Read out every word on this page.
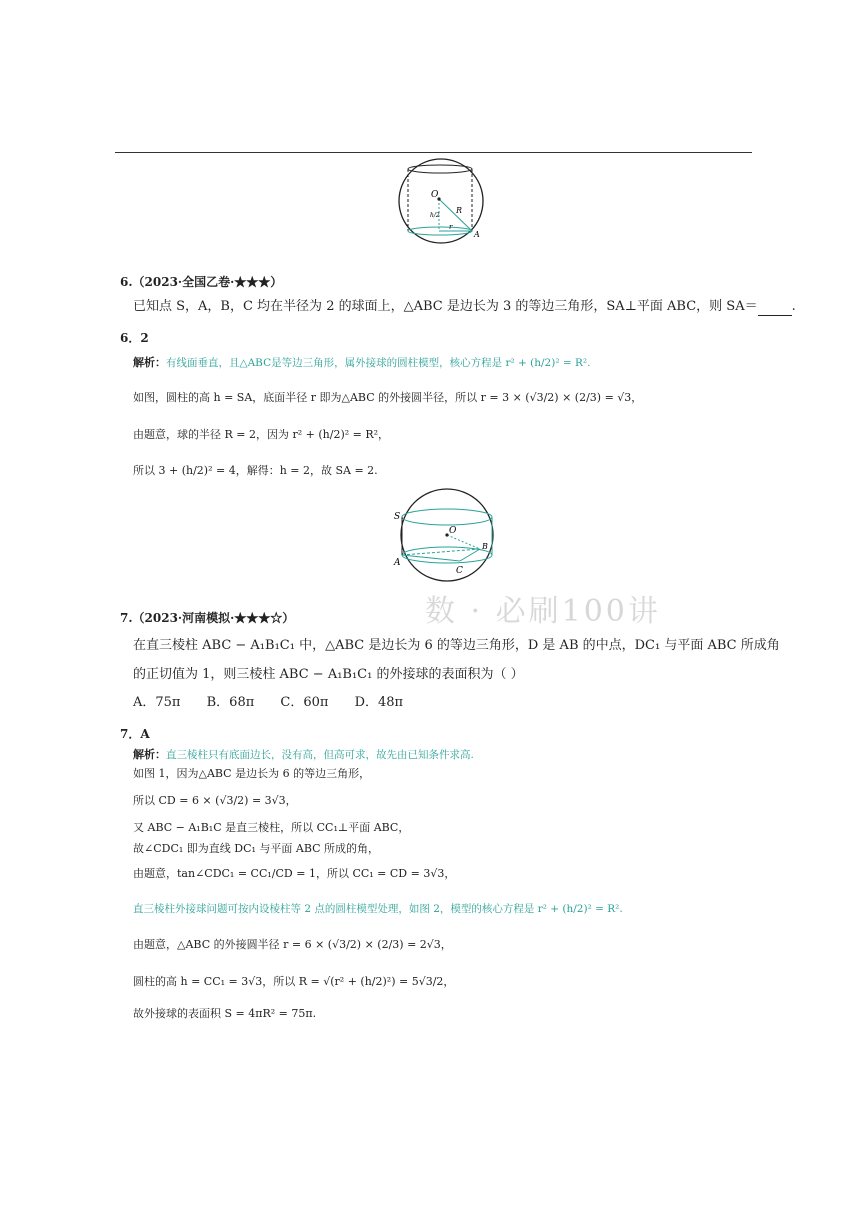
O
R
h/2
r
A
6.（2023·全国乙卷·★★★）
已知点 S，A，B，C 均在半径为 2 的球面上，△ABC 是边长为 3 的等边三角形，SA⊥平面 ABC，则 SA＝	.
6．2
解析：有线面垂直，且△ABC是等边三角形，属外接球的圆柱模型，核心方程是 r² + (h/2)² = R².
如图，圆柱的高 h = SA，底面半径 r 即为△ABC 的外接圆半径，所以 r = 3 × (√3/2) × (2/3) = √3，
由题意，球的半径 R = 2，因为 r² + (h/2)² = R²，
所以 3 + (h/2)² = 4，解得：h = 2，故 SA = 2.
S
O
B
A
C
数 · 必刷100讲
7.（2023·河南模拟·★★★☆）
在直三棱柱 ABC − A₁B₁C₁ 中，△ABC 是边长为 6 的等边三角形，D 是 AB 的中点，DC₁ 与平面 ABC 所成角
的正切值为 1，则三棱柱 ABC − A₁B₁C₁ 的外接球的表面积为（ ）
A．75π B．68π C．60π D．48π
7．A
解析：直三棱柱只有底面边长，没有高，但高可求，故先由已知条件求高.
如图 1，因为△ABC 是边长为 6 的等边三角形，
所以 CD = 6 × (√3/2) = 3√3，
又 ABC − A₁B₁C 是直三棱柱，所以 CC₁⊥平面 ABC，
故∠CDC₁ 即为直线 DC₁ 与平面 ABC 所成的角，
由题意，tan∠CDC₁ = CC₁/CD = 1，所以 CC₁ = CD = 3√3，
直三棱柱外接球问题可按内设棱柱等 2 点的圆柱模型处理，如图 2，模型的核心方程是 r² + (h/2)² = R².
由题意，△ABC 的外接圆半径 r = 6 × (√3/2) × (2/3) = 2√3，
圆柱的高 h = CC₁ = 3√3，所以 R = √(r² + (h/2)²) = 5√3/2，
故外接球的表面积 S = 4πR² = 75π.
